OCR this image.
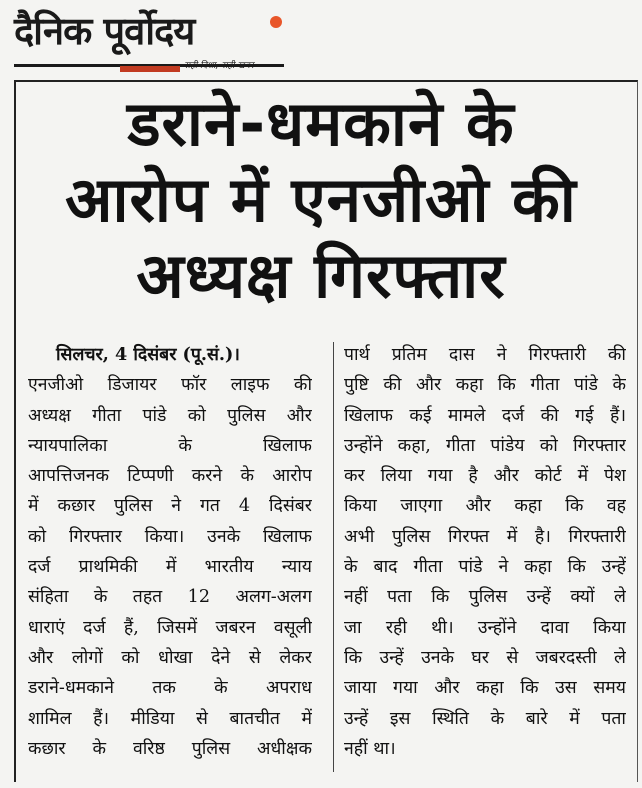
दैनिक पूर्वोदय
डराने-धमकाने के
आरोप में एनजीओ की
अध्यक्ष गिरफ्तार
सिलचर, 4 दिसंबर (पू.सं.)।
एनजीओ डिजायर फॉर लाइफ की
अध्यक्ष गीता पांडे को पुलिस और
न्यायपालिका के खिलाफ
आपत्तिजनक टिप्पणी करने के आरोप
में कछार पुलिस ने गत 4 दिसंबर
को गिरफ्तार किया। उनके खिलाफ
दर्ज प्राथमिकी में भारतीय न्याय
संहिता के तहत 12 अलग-अलग
धाराएं दर्ज हैं, जिसमें जबरन वसूली
और लोगों को धोखा देने से लेकर
डराने-धमकाने तक के अपराध
शामिल हैं। मीडिया से बातचीत में
कछार के वरिष्ठ पुलिस अधीक्षक
पार्थ प्रतिम दास ने गिरफ्तारी की
पुष्टि की और कहा कि गीता पांडे के
खिलाफ कई मामले दर्ज की गई हैं।
उन्होंने कहा, गीता पांडेय को गिरफ्तार
कर लिया गया है और कोर्ट में पेश
किया जाएगा और कहा कि वह
अभी पुलिस गिरफ्त में है। गिरफ्तारी
के बाद गीता पांडे ने कहा कि उन्हें
नहीं पता कि पुलिस उन्हें क्यों ले
जा रही थी। उन्होंने दावा किया
कि उन्हें उनके घर से जबरदस्ती ले
जाया गया और कहा कि उस समय
उन्हें इस स्थिति के बारे में पता
नहीं था।
